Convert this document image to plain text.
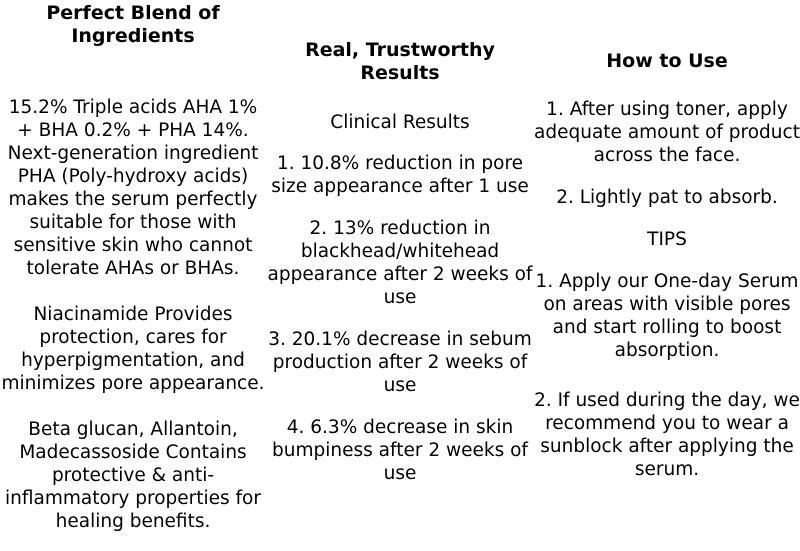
Perfect Blend of Ingredients

15.2% Triple acids AHA 1% + BHA 0.2% + PHA 14%. Next-generation ingredient PHA (Poly-hydroxy acids) makes the serum perfectly suitable for those with sensitive skin who cannot tolerate AHAs or BHAs.

Niacinamide Provides protection, cares for hyperpigmentation, and minimizes pore appearance.

Beta glucan, Allantoin, Madecassoside Contains protective & anti-inflammatory properties for healing benefits.

Real, Trustworthy Results

Clinical Results

1. 10.8% reduction in pore size appearance after 1 use

2. 13% reduction in blackhead/whitehead appearance after 2 weeks of use

3. 20.1% decrease in sebum production after 2 weeks of use

4. 6.3% decrease in skin bumpiness after 2 weeks of use

How to Use

1. After using toner, apply adequate amount of product across the face.

2. Lightly pat to absorb.

TIPS

1. Apply our One-day Serum on areas with visible pores and start rolling to boost absorption.

2. If used during the day, we recommend you to wear a sunblock after applying the serum.
